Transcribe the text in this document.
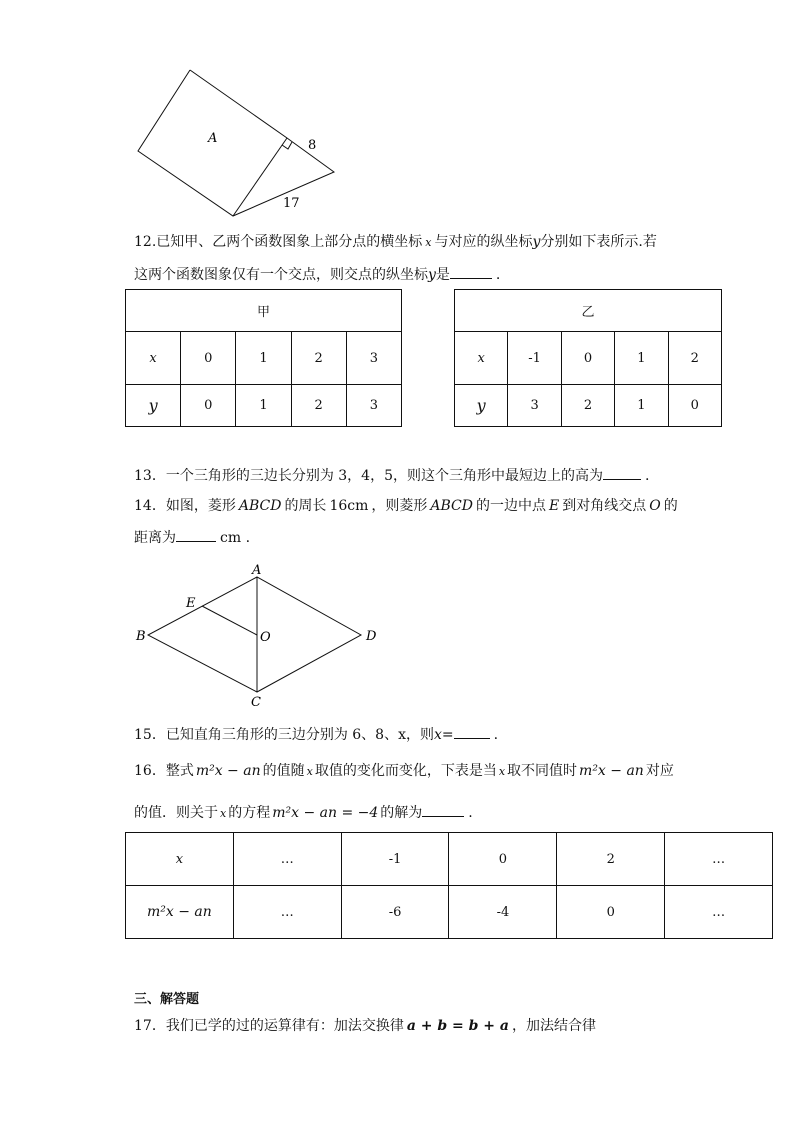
A	8
17
12.已知甲、乙两个函数图象上部分点的横坐标 x 与对应的纵坐标y分别如下表所示.若
这两个函数图象仅有一个交点，则交点的纵坐标y是	.
甲				
x	0	1	2	3
y	0	1	2	3
乙				
x	-1	0	1	2
y	3	2	1	0
13．一个三角形的三边长分别为 3，4，5，则这个三角形中最短边上的高为	.
14．如图，菱形 ABCD 的周长 16cm ，则菱形 ABCD 的一边中点 E 到对角线交点 O 的
距离为	cm .
A
B
C
D
E
O
15．已知直角三角形的三边分别为 6、8、x，则x=	.
16．整式 m²x − an 的值随 x 取值的变化而变化，下表是当 x 取不同值时 m²x − an 对应
的值．则关于 x 的方程 m²x − an = −4 的解为	.
x	…	-1	0	2	…
m²x − an	…	-6	-4	0	…
三、解答题
17．我们已学的过的运算律有：加法交换律 a + b = b + a ，加法结合律
